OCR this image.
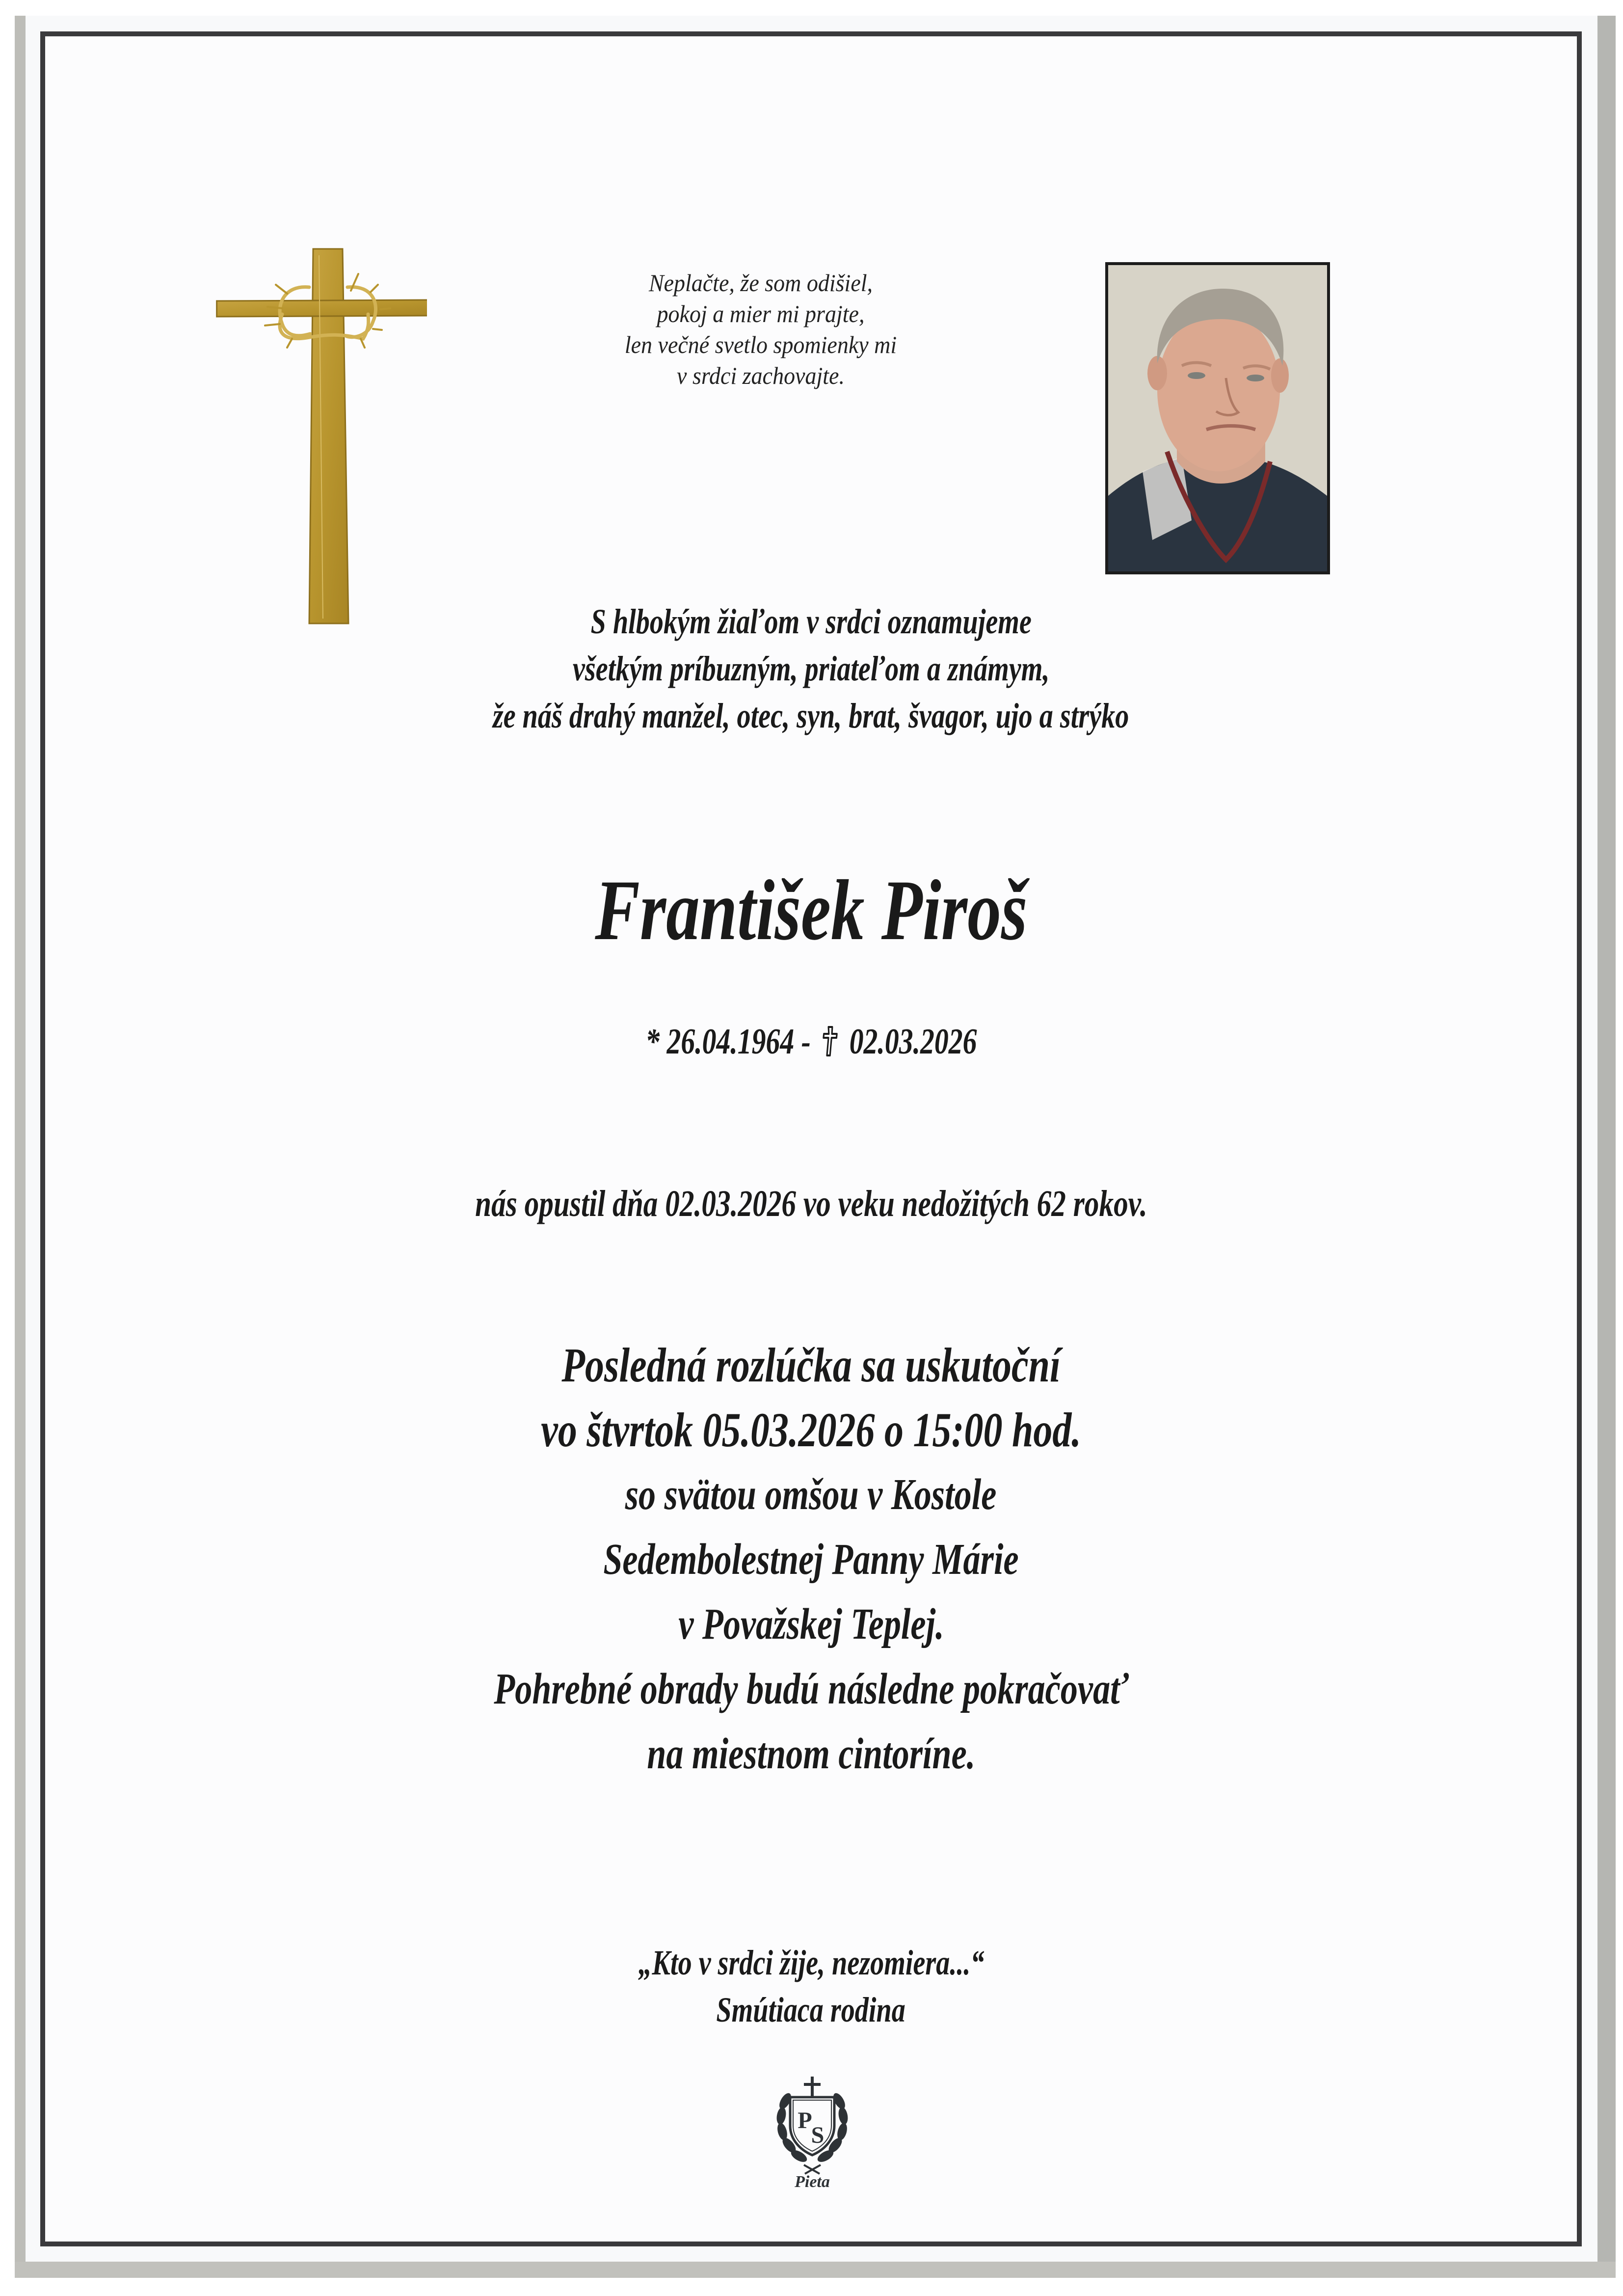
Neplačte, že som odišiel,
pokoj a mier mi prajte,
len večné svetlo spomienky mi
v srdci zachovajte.
S hlbokým žiaľom v srdci oznamujeme
všetkým príbuzným, priateľom a známym,
že náš drahý manžel, otec, syn, brat, švagor, ujo a strýko
František Piroš
* 26.04.1964 - 02.03.2026
nás opustil dňa 02.03.2026 vo veku nedožitých 62 rokov.
Posledná rozlúčka sa uskutoční
vo štvrtok 05.03.2026 o 15:00 hod.
so svätou omšou v Kostole
Sedembolestnej Panny Márie
v Považskej Teplej.
Pohrebné obrady budú následne pokračovať
na miestnom cintoríne.
„Kto v srdci žije, nezomiera...“
Smútiaca rodina
P
S
Pieta
